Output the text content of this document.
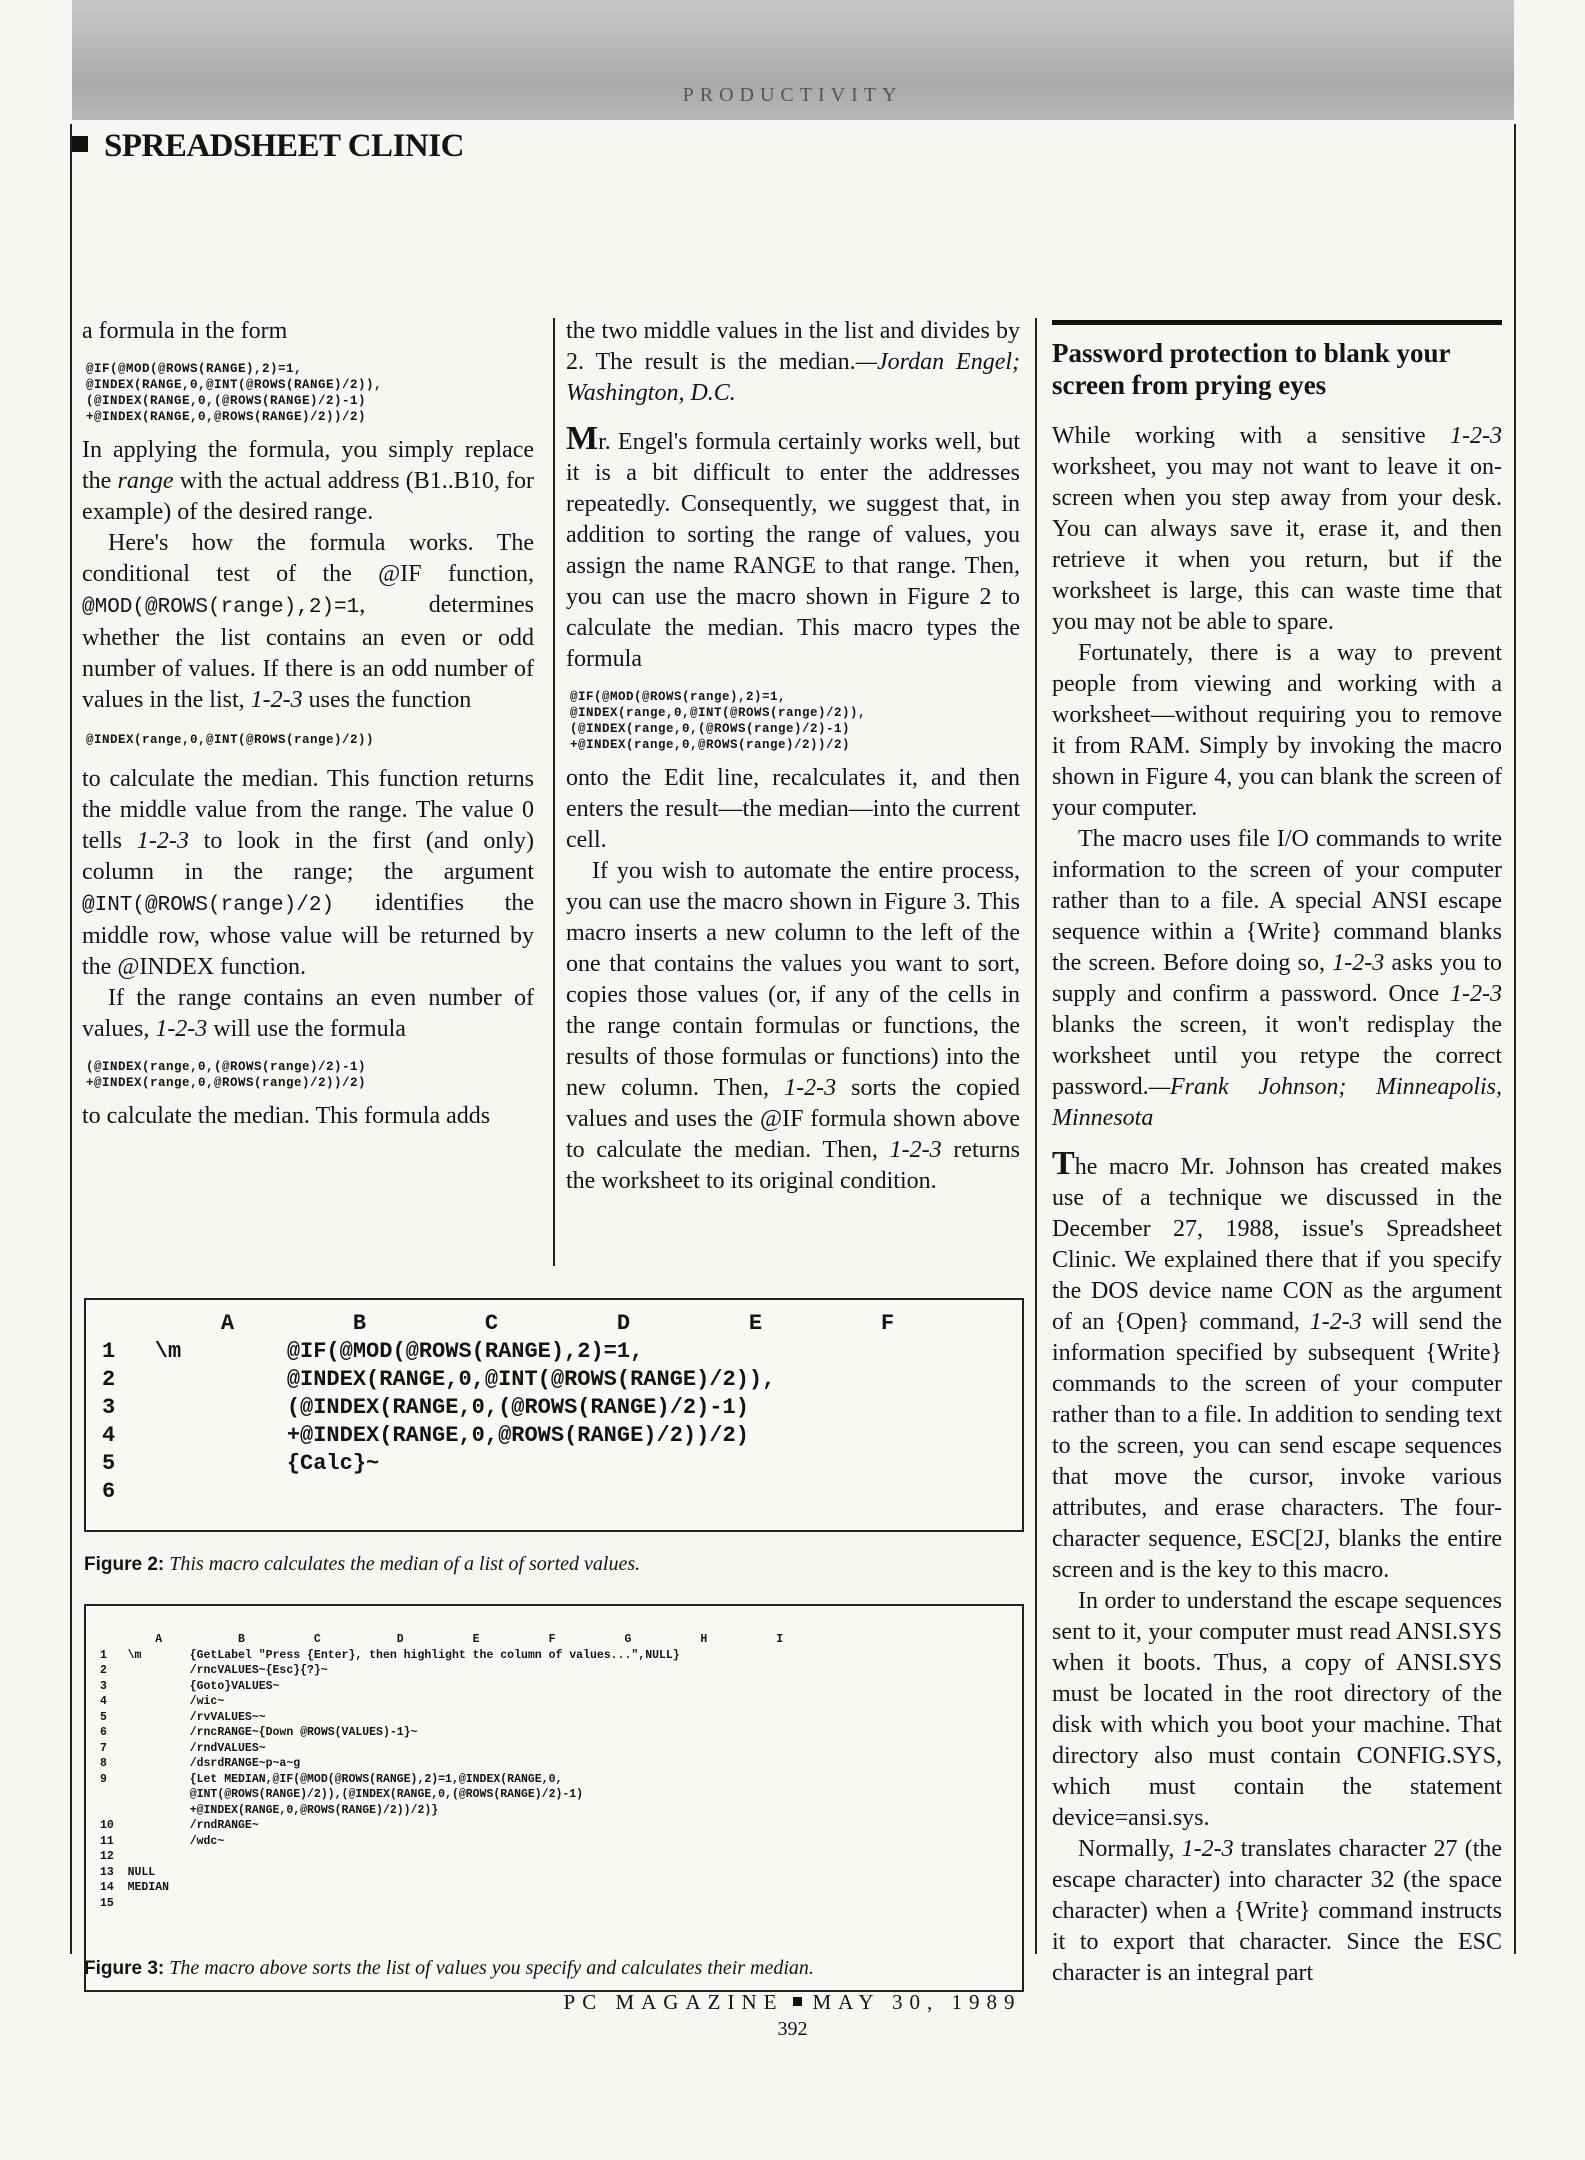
PRODUCTIVITY
SPREADSHEET CLINIC

a formula in the form

@IF(@MOD(@ROWS(RANGE),2)=1,
@INDEX(RANGE,0,@INT(@ROWS(RANGE)/2)),
(@INDEX(RANGE,0,(@ROWS(RANGE)/2)-1)
+@INDEX(RANGE,0,@ROWS(RANGE)/2))/2)

In applying the formula, you simply replace the range with the actual address (B1..B10, for example) of the desired range.

Here's how the formula works. The conditional test of the @IF function, @MOD(@ROWS(range),2)=1, determines whether the list contains an even or odd number of values. If there is an odd number of values in the list, 1-2-3 uses the function

@INDEX(range,0,@INT(@ROWS(range)/2))

to calculate the median. This function returns the middle value from the range. The value 0 tells 1-2-3 to look in the first (and only) column in the range; the argument @INT(@ROWS(range)/2) identifies the middle row, whose value will be returned by the @INDEX function.

If the range contains an even number of values, 1-2-3 will use the formula

(@INDEX(range,0,(@ROWS(range)/2)-1)
+@INDEX(range,0,@ROWS(range)/2))/2)

to calculate the median. This formula adds

the two middle values in the list and divides by 2. The result is the median.—Jordan Engel; Washington, D.C.

Mr. Engel's formula certainly works well, but it is a bit difficult to enter the addresses repeatedly. Consequently, we suggest that, in addition to sorting the range of values, you assign the name RANGE to that range. Then, you can use the macro shown in Figure 2 to calculate the median. This macro types the formula

@IF(@MOD(@ROWS(range),2)=1,
@INDEX(range,0,@INT(@ROWS(range)/2)),
(@INDEX(range,0,(@ROWS(range)/2)-1)
+@INDEX(range,0,@ROWS(range)/2))/2)

onto the Edit line, recalculates it, and then enters the result—the median—into the current cell.

If you wish to automate the entire process, you can use the macro shown in Figure 3. This macro inserts a new column to the left of the one that contains the values you want to sort, copies those values (or, if any of the cells in the range contain formulas or functions, the results of those formulas or functions) into the new column. Then, 1-2-3 sorts the copied values and uses the @IF formula shown above to calculate the median. Then, 1-2-3 returns the worksheet to its original condition.

Password protection to blank your screen from prying eyes

While working with a sensitive 1-2-3 worksheet, you may not want to leave it on-screen when you step away from your desk. You can always save it, erase it, and then retrieve it when you return, but if the worksheet is large, this can waste time that you may not be able to spare.

Fortunately, there is a way to prevent people from viewing and working with a worksheet—without requiring you to remove it from RAM. Simply by invoking the macro shown in Figure 4, you can blank the screen of your computer.

The macro uses file I/O commands to write information to the screen of your computer rather than to a file. A special ANSI escape sequence within a {Write} command blanks the screen. Before doing so, 1-2-3 asks you to supply and confirm a password. Once 1-2-3 blanks the screen, it won't redisplay the worksheet until you retype the correct password.—Frank Johnson; Minneapolis, Minnesota

The macro Mr. Johnson has created makes use of a technique we discussed in the December 27, 1988, issue's Spreadsheet Clinic. We explained there that if you specify the DOS device name CON as the argument of an {Open} command, 1-2-3 will send the information specified by subsequent {Write} commands to the screen of your computer rather than to a file. In addition to sending text to the screen, you can send escape sequences that move the cursor, invoke various attributes, and erase characters. The four-character sequence, ESC[2J, blanks the entire screen and is the key to this macro.

In order to understand the escape sequences sent to it, your computer must read ANSI.SYS when it boots. Thus, a copy of ANSI.SYS must be located in the root directory of the disk with which you boot your machine. That directory also must contain CONFIG.SYS, which must contain the statement device=ansi.sys.

Normally, 1-2-3 translates character 27 (the escape character) into character 32 (the space character) when a {Write} command instructs it to export that character. Since the ESC character is an integral part

A         B         C         D         E         F
1   \m        @IF(@MOD(@ROWS(RANGE),2)=1,
2             @INDEX(RANGE,0,@INT(@ROWS(RANGE)/2)),
3             (@INDEX(RANGE,0,(@ROWS(RANGE)/2)-1)
4             +@INDEX(RANGE,0,@ROWS(RANGE)/2))/2)
5             {Calc}~
6
Figure 2: This macro calculates the median of a list of sorted values.
A           B          C           D          E          F          G          H          I
1   \m       {GetLabel "Press {Enter}, then highlight the column of values...",NULL}
2            /rncVALUES~{Esc}{?}~
3            {Goto}VALUES~
4            /wic~
5            /rvVALUES~~
6            /rncRANGE~{Down @ROWS(VALUES)-1}~
7            /rndVALUES~
8            /dsrdRANGE~p~a~g
9            {Let MEDIAN,@IF(@MOD(@ROWS(RANGE),2)=1,@INDEX(RANGE,0,
@INT(@ROWS(RANGE)/2)),(@INDEX(RANGE,0,(@ROWS(RANGE)/2)-1)
+@INDEX(RANGE,0,@ROWS(RANGE)/2))/2)}
10           /rndRANGE~
11           /wdc~
12
13  NULL
14  MEDIAN
15
Figure 3: The macro above sorts the list of values you specify and calculates their median.
PC MAGAZINE MAY 30, 1989
392
